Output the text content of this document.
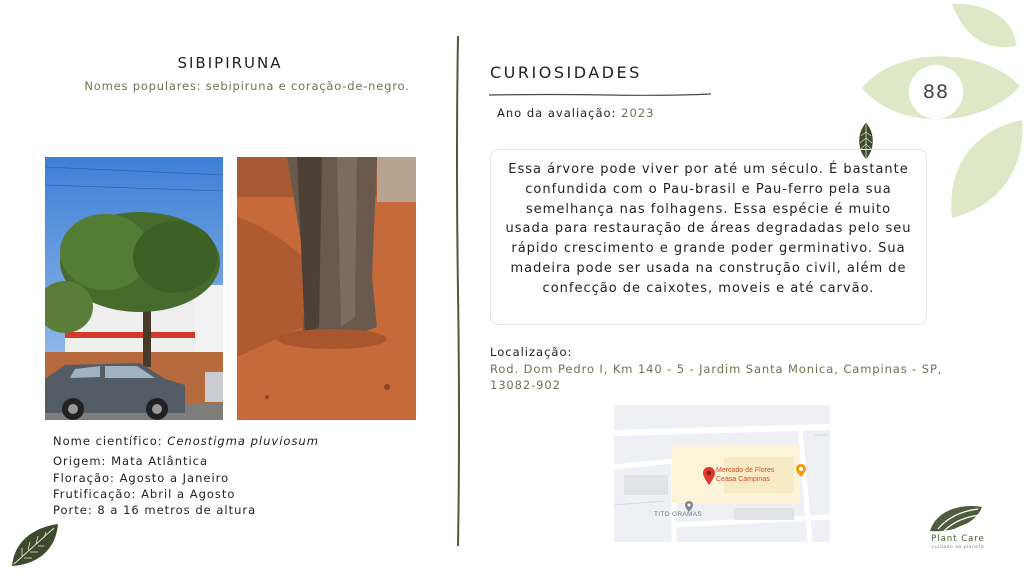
SIBIPIRUNA
Nomes populares: sebipiruna e coração-de-negro.
Nome científico: Cenostigma pluviosum
Origem: Mata Atlântica
Floração: Agosto a Janeiro
Frutificação: Abril a Agosto
Porte: 8 a 16 metros de altura
CURIOSIDADES
Ano da avaliação: 2023
Essa árvore pode viver por até um século. É bastante confundida com o Pau-brasil e Pau-ferro pela sua semelhança nas folhagens. Essa espécie é muito usada para restauração de áreas degradadas pelo seu rápido crescimento e grande poder germinativo. Sua madeira pode ser usada na construção civil, além de confecção de caixotes, moveis e até carvão.
Localização:
Rod. Dom Pedro I, Km 140 - 5 - Jardim Santa Monica, Campinas - SP,
13082-902
Mercado de Flores
Ceasa Campinas
TITO GRAMAS
88
Plant Care
cuidado ao planeta
